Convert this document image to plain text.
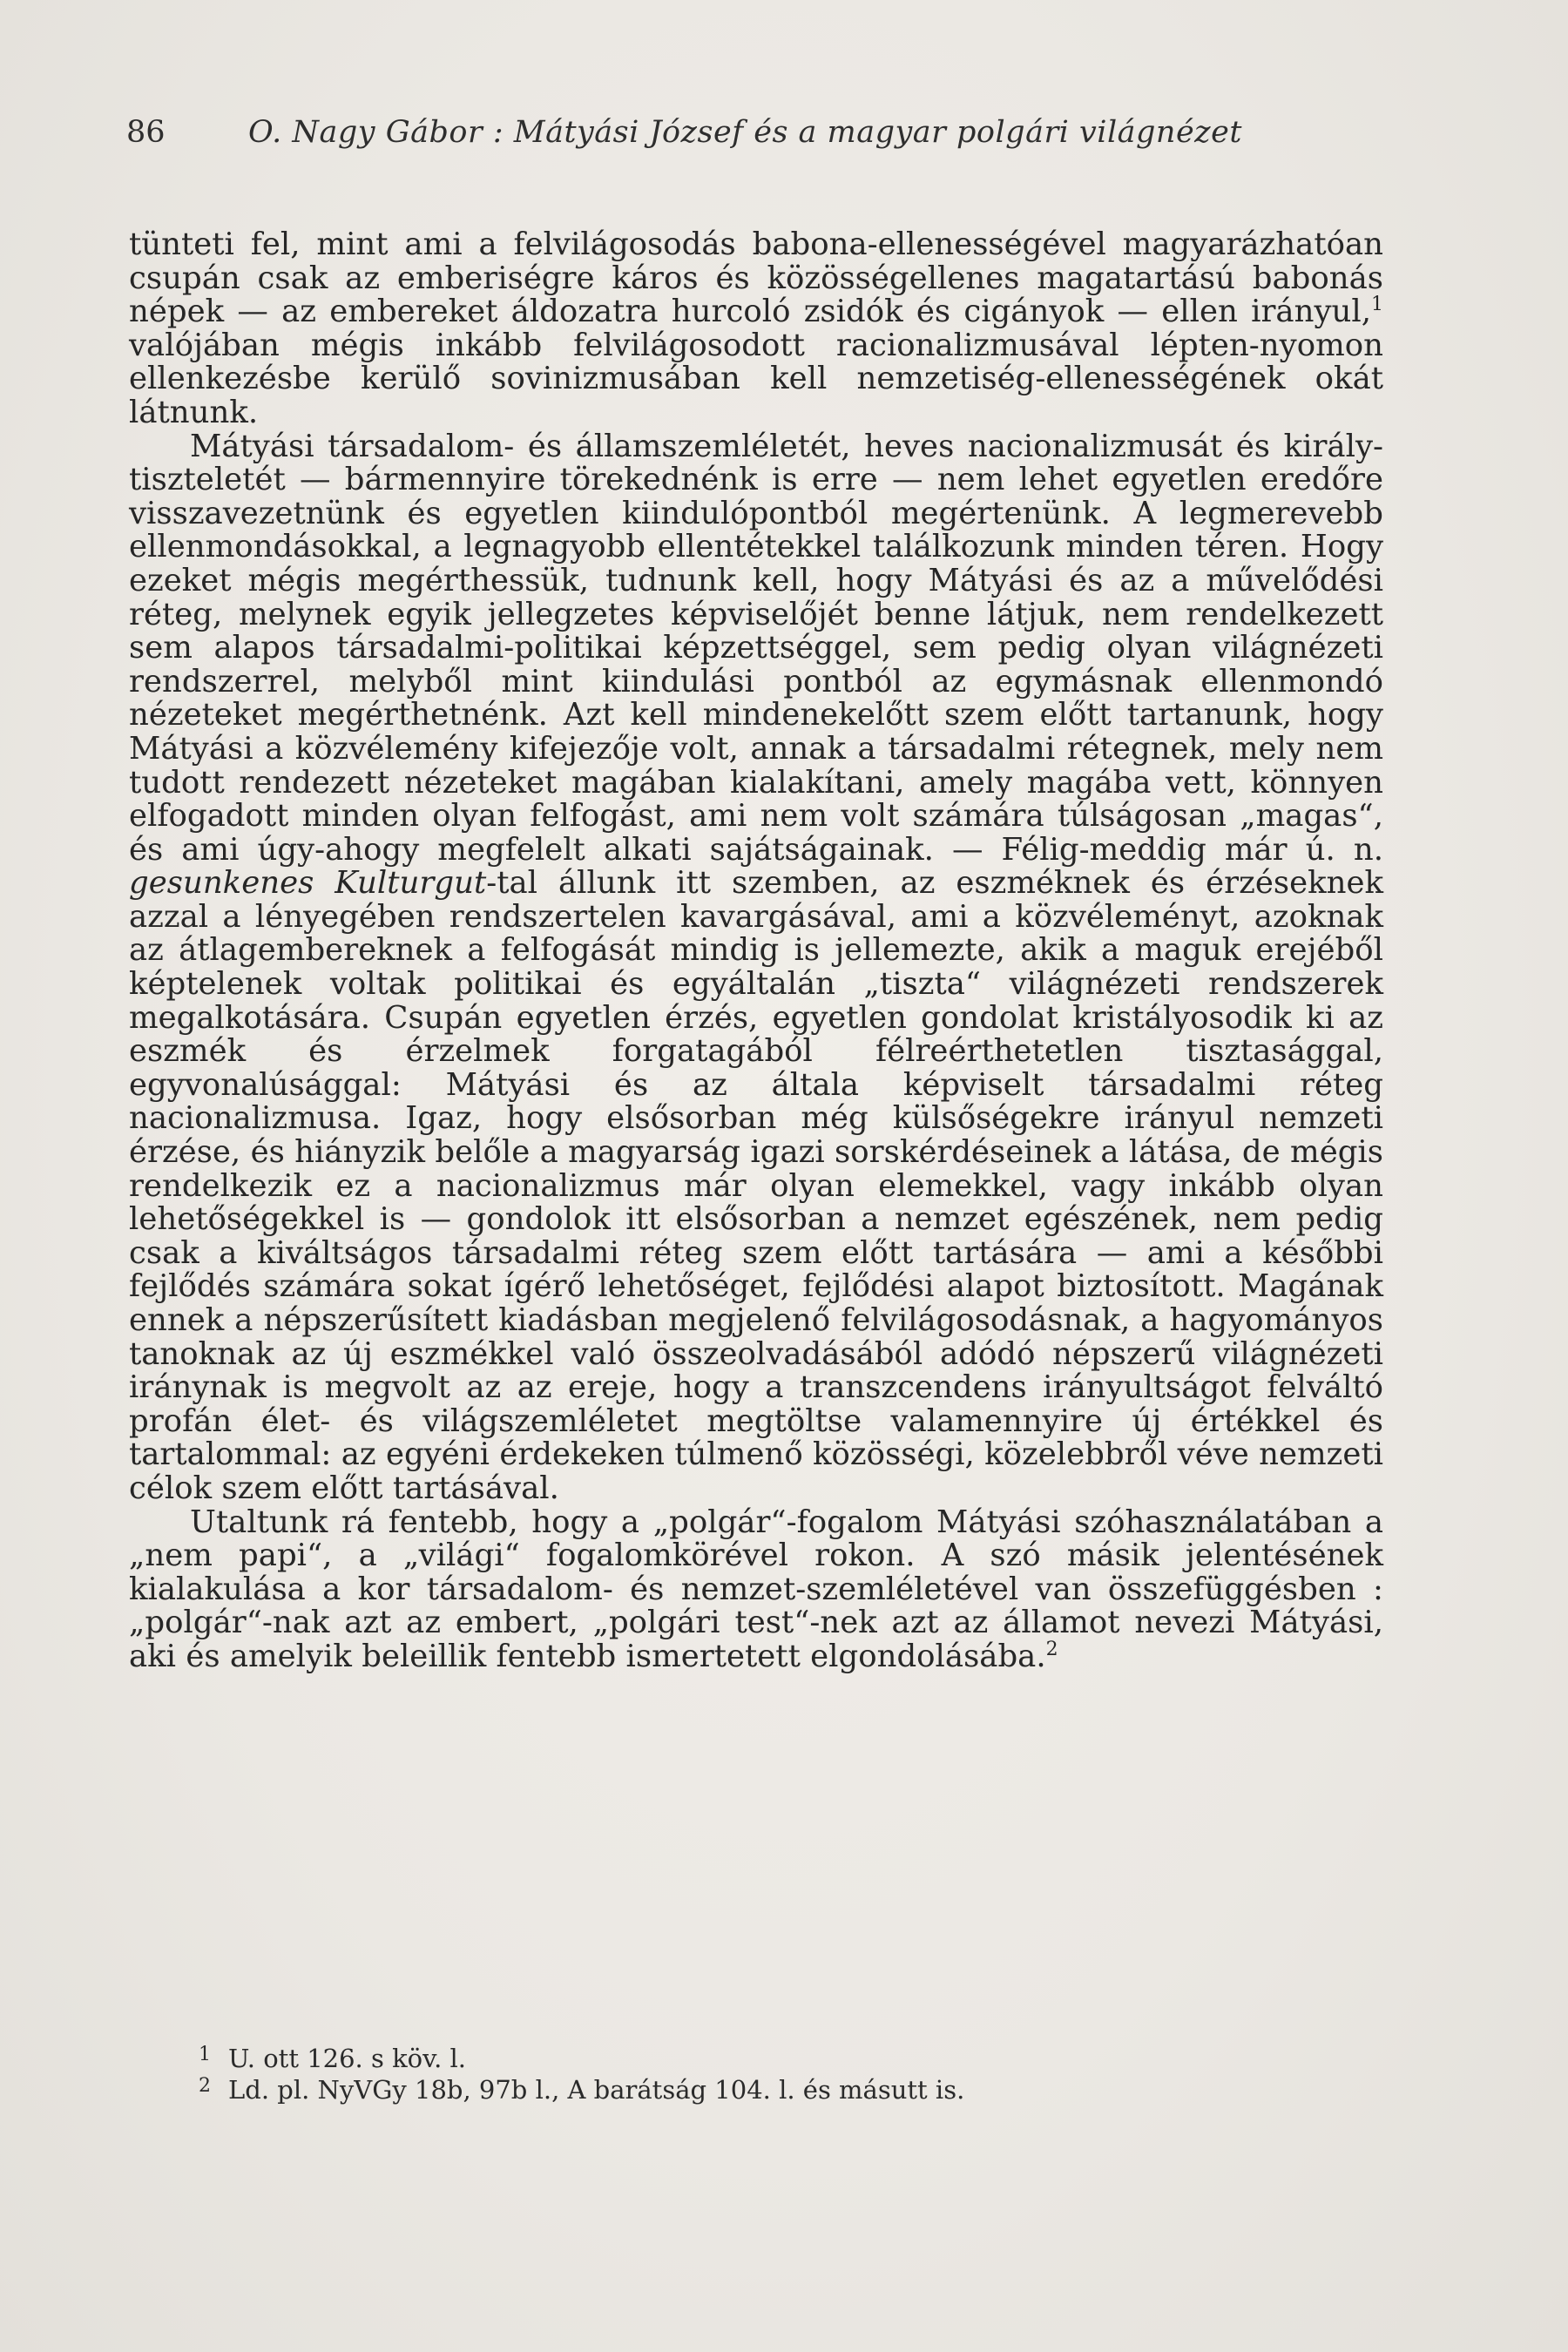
86	O. Nagy Gábor : Mátyási József és a magyar polgári világnézet

tünteti fel, mint ami a felvilágosodás babona-ellenességével magyarázhatóan csupán csak az emberiségre káros és közösségellenes magatartású babonás népek — az embereket áldozatra hurcoló zsidók és cigányok — ellen irányul,$^1$ valójában mégis inkább felvilágosodott racionalizmusával lépten-nyomon ellenkezésbe kerülő sovinizmusában kell nemzetiség-ellenességének okát látnunk.

Mátyási társadalom- és államszemléletét, heves nacionalizmusát és király-tiszteletét — bármennyire törekednénk is erre — nem lehet egyetlen eredőre visszavezetnünk és egyetlen kiindulópontból megértenünk. A legmerevebb ellenmondásokkal, a legnagyobb ellentétekkel találkozunk minden téren. Hogy ezeket mégis megérthessük, tudnunk kell, hogy Mátyási és az a művelődési réteg, melynek egyik jellegzetes képviselőjét benne látjuk, nem rendelkezett sem alapos társadalmi-politikai képzettséggel, sem pedig olyan világnézeti rendszerrel, melyből mint kiindulási pontból az egymásnak ellenmondó nézeteket megérthetnénk. Azt kell mindenekelőtt szem előtt tartanunk, hogy Mátyási a közvélemény kifejezője volt, annak a társadalmi rétegnek, mely nem tudott rendezett nézeteket magában kialakítani, amely magába vett, könnyen elfogadott minden olyan felfogást, ami nem volt számára túlságosan „magas“, és ami úgy-ahogy megfelelt alkati sajátságainak. — Félig-meddig már ú. n. gesunkenes Kulturgut-tal állunk itt szemben, az eszméknek és érzéseknek azzal a lényegében rendszertelen kavargásával, ami a közvéleményt, azoknak az átlagembereknek a felfogását mindig is jellemezte, akik a maguk erejéből képtelenek voltak politikai és egyáltalán „tiszta“ világnézeti rendszerek megalkotására. Csupán egyetlen érzés, egyetlen gondolat kristályosodik ki az eszmék és érzelmek forgatagából félreérthetetlen tisztasággal, egyvonalúsággal: Mátyási és az általa képviselt társadalmi réteg nacionalizmusa. Igaz, hogy elsősorban még külsőségekre irányul nemzeti érzése, és hiányzik belőle a magyarság igazi sorskérdéseinek a látása, de mégis rendelkezik ez a nacionalizmus már olyan elemekkel, vagy inkább olyan lehetőségekkel is — gondolok itt elsősorban a nemzet egészének, nem pedig csak a kiváltságos társadalmi réteg szem előtt tartására — ami a későbbi fejlődés számára sokat ígérő lehetőséget, fejlődési alapot biztosított. Magának ennek a népszerűsített kiadásban megjelenő felvilágosodásnak, a hagyományos tanoknak az új eszmékkel való összeolvadásából adódó népszerű világnézeti iránynak is megvolt az az ereje, hogy a transzcendens irányultságot felváltó profán élet- és világszemléletet megtöltse valamennyire új értékkel és tartalommal: az egyéni érdekeken túlmenő közösségi, közelebbről véve nemzeti célok szem előtt tartásával.

Utaltunk rá fentebb, hogy a „polgár“-fogalom Mátyási szóhasználatában a „nem papi“, a „világi“ fogalomkörével rokon. A szó másik jelentésének kialakulása a kor társadalom- és nemzet-szemléletével van összefüggésben : „polgár“-nak azt az embert, „polgári test“-nek azt az államot nevezi Mátyási, aki és amelyik beleillik fentebb ismertetett elgondolásába.$^2$

1 U. ott 126. s köv. l.
2 Ld. pl. NyVGy 18b, 97b l., A barátság 104. l. és másutt is.
